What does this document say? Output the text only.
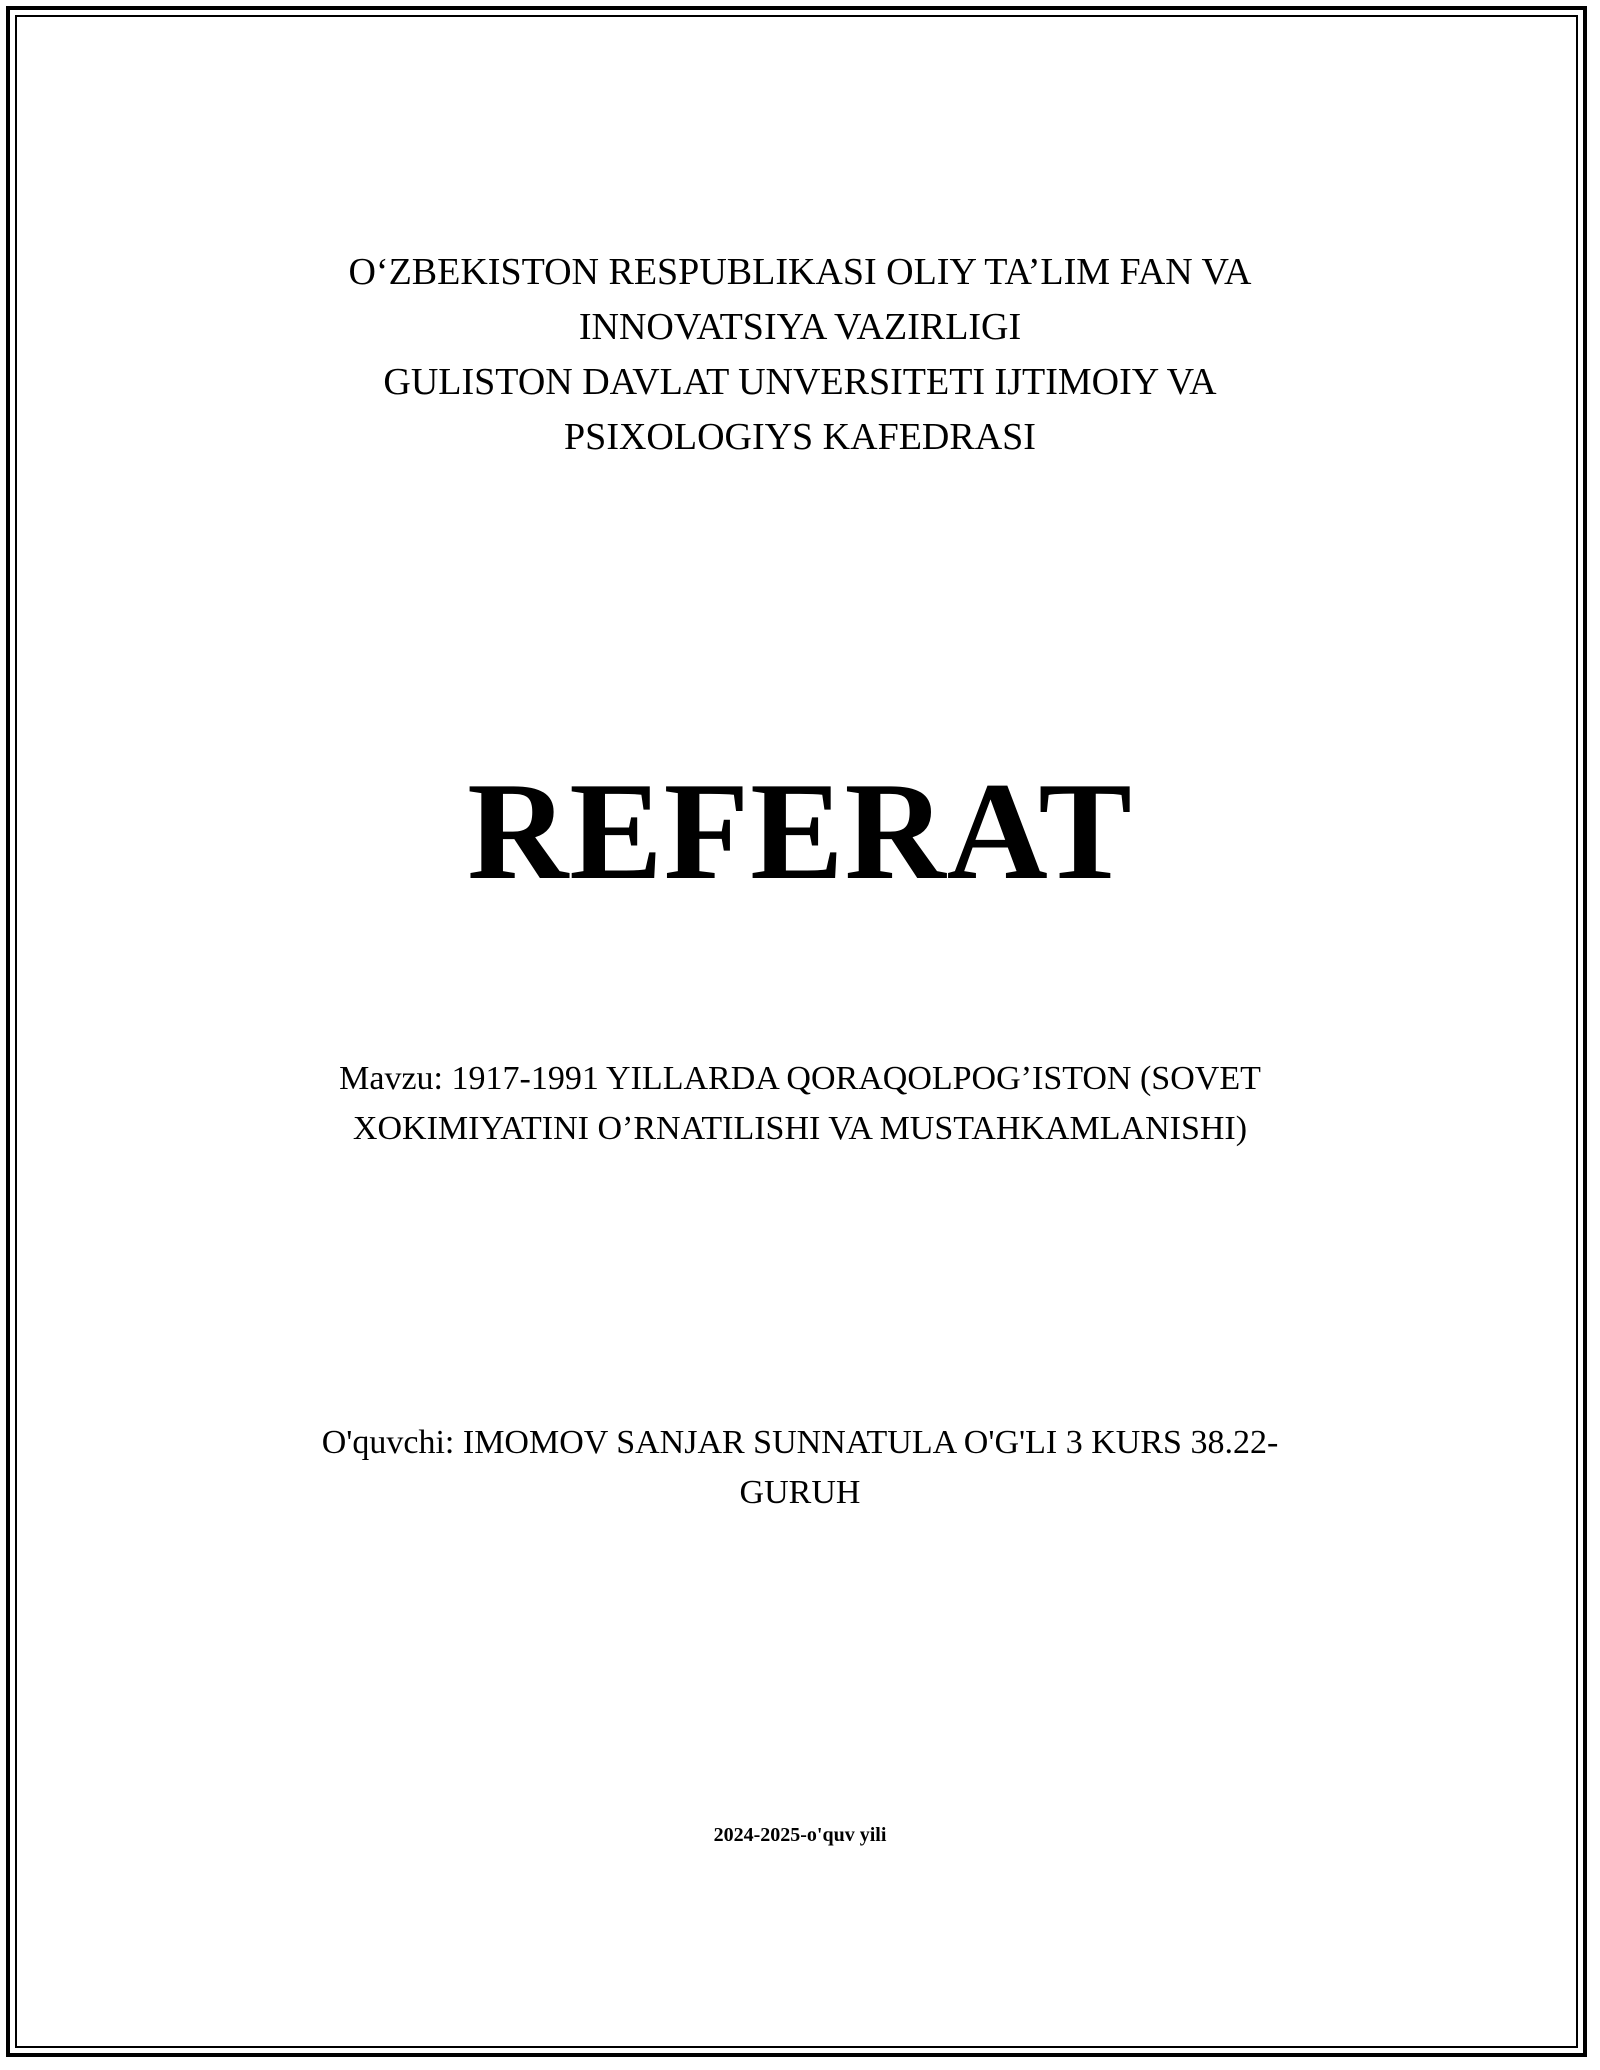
O‘ZBEKISTON RESPUBLIKASI OLIY TA’LIM FAN VA
INNOVATSIYA VAZIRLIGI
GULISTON DAVLAT UNVERSITETI IJTIMOIY VA
PSIXOLOGIYS KAFEDRASI
REFERAT
Mavzu: 1917-1991 YILLARDA QORAQOLPOG’ISTON (SOVET
XOKIMIYATINI O’RNATILISHI VA MUSTAHKAMLANISHI)
O'quvchi: IMOMOV SANJAR SUNNATULA O'G'LI 3 KURS 38.22-
GURUH
2024-2025-o'quv yili
